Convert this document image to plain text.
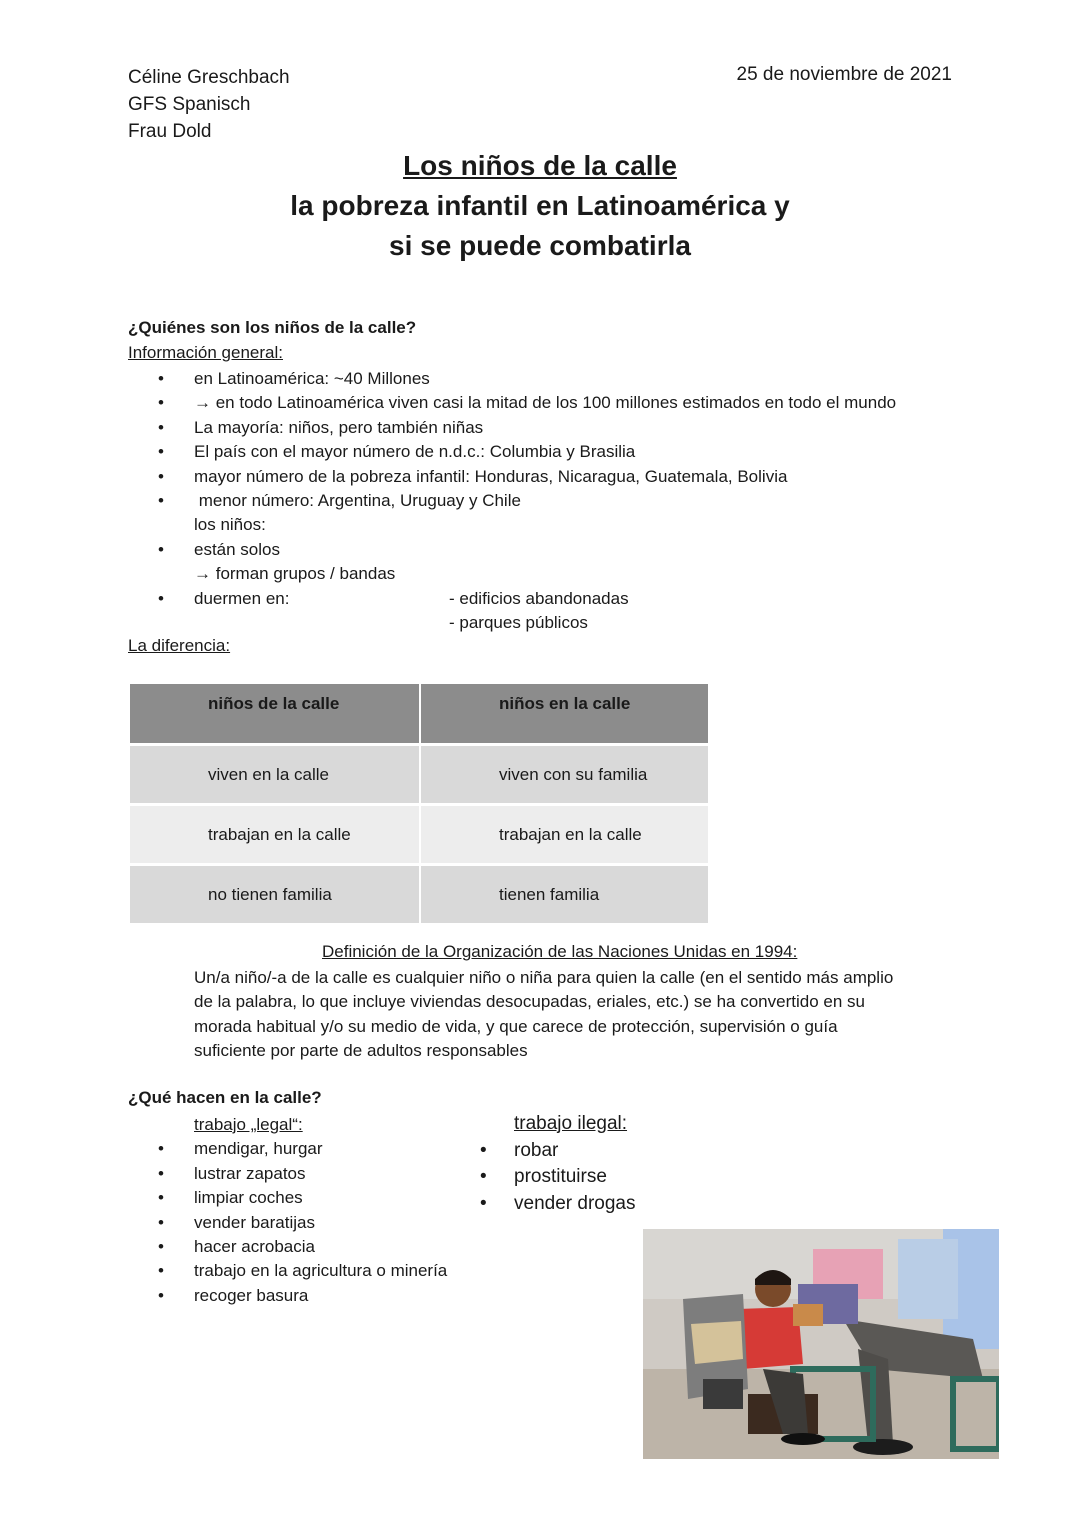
Céline Greschbach
GFS Spanisch
Frau Dold
25 de noviembre de 2021
Los niños de la calle
la pobreza infantil en Latinoamérica y
si se puede combatirla
¿Quiénes son los niños de la calle?
Información general:
• en Latinoamérica: ~40 Millones
• → en todo Latinoamérica viven casi la mitad de los 100 millones estimados en todo el mundo
• La mayoría: niños, pero también niñas
• El país con el mayor número de n.d.c.: Columbia y Brasilia
• mayor número de la pobreza infantil: Honduras, Nicaragua, Guatemala, Bolivia
• menor número: Argentina, Uruguay y Chile
los niños:
• están solos
→ forman grupos / bandas
• duermen en:	- edificios abandonadas
- parques públicos
La diferencia:
niños de la calle	niños en la calle
viven en la calle	viven con su familia
trabajan en la calle	trabajan en la calle
no tienen familia	tienen familia
Definición de la Organización de las Naciones Unidas en 1994:
Un/a niño/-a de la calle es cualquier niño o niña para quien la calle (en el sentido más amplio
de la palabra, lo que incluye viviendas desocupadas, eriales, etc.) se ha convertido en su
morada habitual y/o su medio de vida, y que carece de protección, supervisión o guía
suficiente por parte de adultos responsables
¿Qué hacen en la calle?
trabajo „legal“:
• mendigar, hurgar
• lustrar zapatos
• limpiar coches
• vender baratijas
• hacer acrobacia
• trabajo en la agricultura o minería
• recoger basura
trabajo ilegal:
• robar
• prostituirse
• vender drogas
